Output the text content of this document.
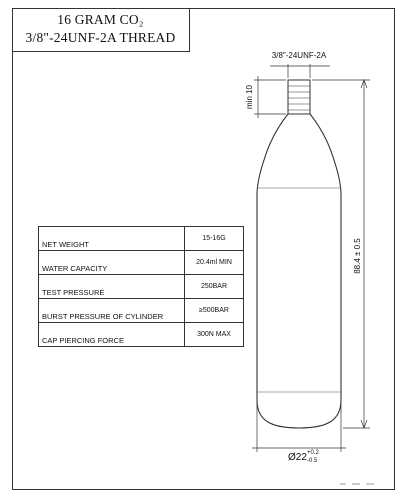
16 GRAM CO₂
3/8"-24UNF-2A THREAD
NET WEIGHT	15-16G
WATER CAPACITY	20.4ml MIN
TEST PRESSURE	250BAR
BURST PRESSURE OF CYLINDER	≥500BAR
CAP PIERCING FORCE	300N MAX
3/8"-24UNF-2A
min 10
88.4 ± 0.5
Ø22 +0.2
-0.5
